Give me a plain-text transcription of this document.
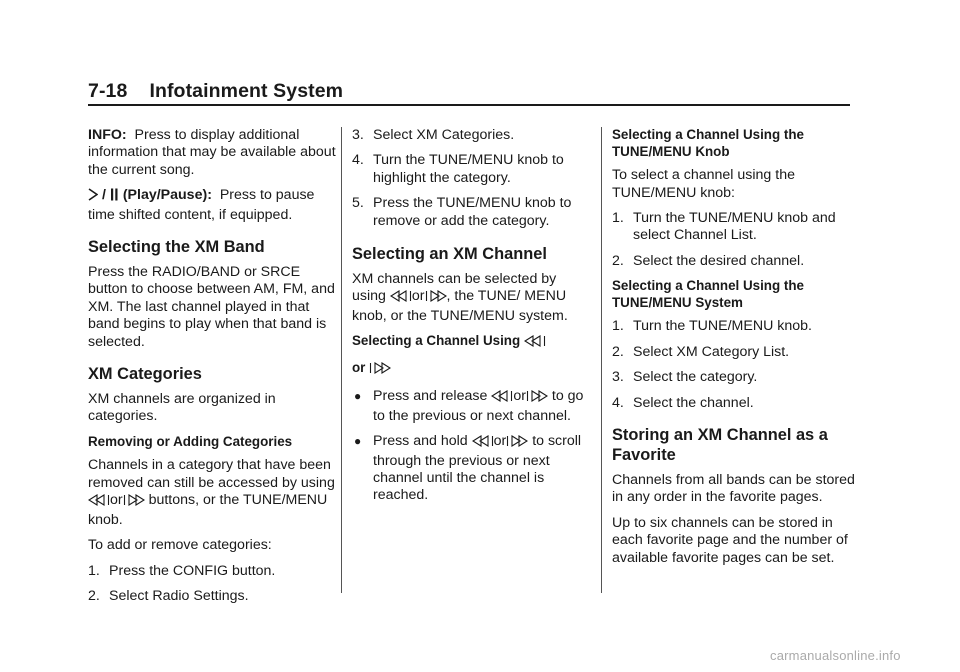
7-18 Infotainment System

INFO: Press to display additional information that may be available about the current song.

/ (Play/Pause): Press to pause time shifted content, if equipped.

Selecting the XM Band

Press the RADIO/BAND or SRCE button to choose between AM, FM, and XM. The last channel played in that band begins to play when that band is selected.

XM Categories

XM channels are organized in categories.

Removing or Adding Categories

Channels in a category that have been removed can still be accessed by using or buttons, or the TUNE/MENU knob.

To add or remove categories:

1. Press the CONFIG button.
2. Select Radio Settings.
3. Select XM Categories.
4. Turn the TUNE/MENU knob to highlight the category.
5. Press the TUNE/MENU knob to remove or add the category.
Selecting an XM Channel

XM channels can be selected by using or , the TUNE/ MENU knob, or the TUNE/MENU system.

Selecting a Channel Using
or
● Press and release or to go to the previous or next channel.
● Press and hold or to scroll through the previous or next channel until the channel is reached.
Selecting a Channel Using the TUNE/MENU Knob

To select a channel using the TUNE/MENU knob:

1. Turn the TUNE/MENU knob and select Channel List.
2. Select the desired channel.
Selecting a Channel Using the TUNE/MENU System
1. Turn the TUNE/MENU knob.
2. Select XM Category List.
3. Select the category.
4. Select the channel.
Storing an XM Channel as a Favorite

Channels from all bands can be stored in any order in the favorite pages.

Up to six channels can be stored in each favorite page and the number of available favorite pages can be set.

carmanualsonline.info
